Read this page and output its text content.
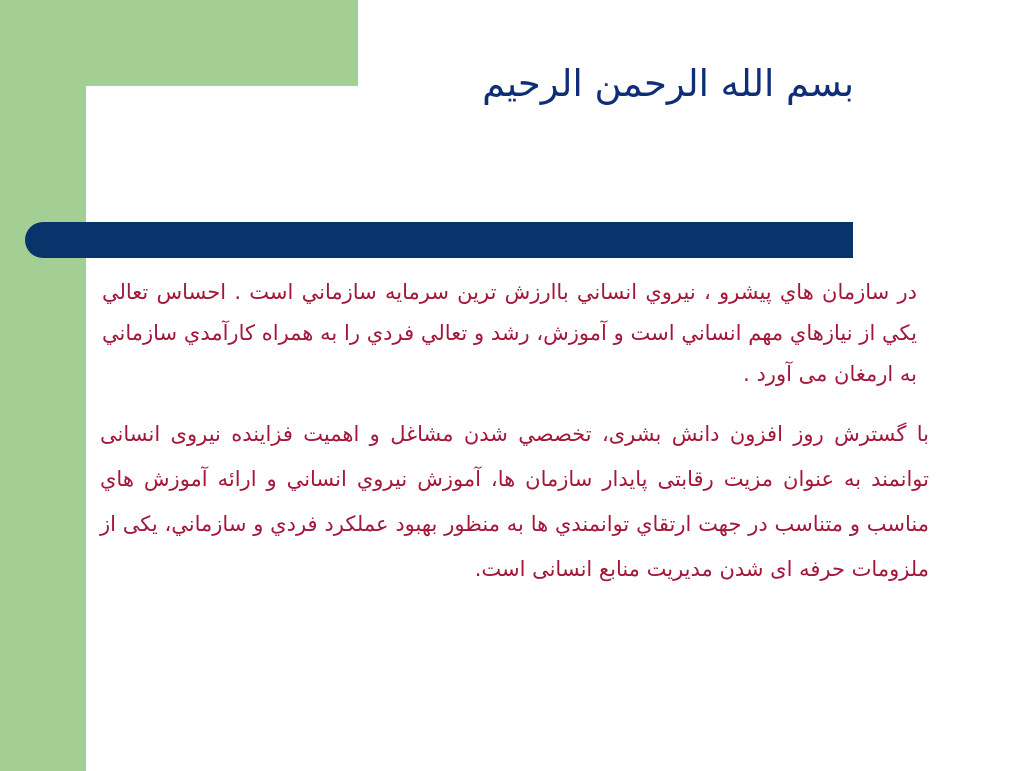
بسم الله الرحمن الرحيم
در سازمان هاي پيشرو ، نيروي انساني باارزش ترين سرمايه سازماني است . احساس تعالي يكي از نيازهاي مهم انساني است و آموزش، رشد و تعالي فردي را به همراه كارآمدي سازماني به ارمغان می آورد .
با گسترش روز افزون دانش بشری، تخصصي شدن مشاغل و اهميت فزاینده نیروی انسانی توانمند به عنوان مزیت رقابتی پایدار سازمان ها، آموزش نيروي انساني و ارائه آموزش هاي مناسب و متناسب در جهت ارتقاي توانمندي ها به منظور بهبود عملکرد فردي و سازماني، یکی از ملزومات حرفه ای شدن مديريت منابع انسانی است.
